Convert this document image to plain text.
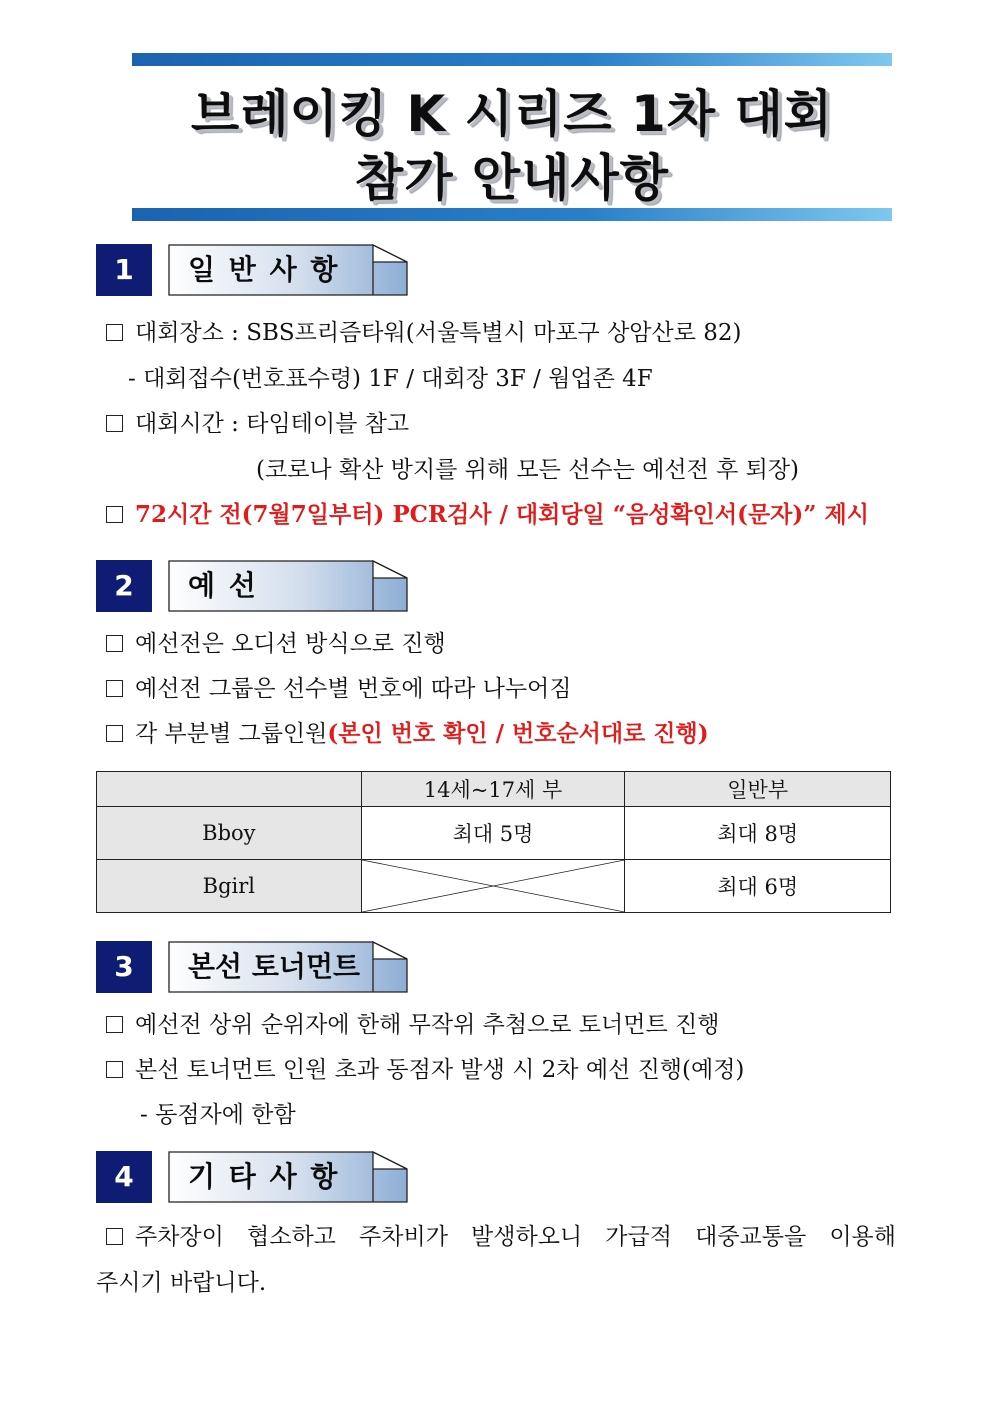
브레이킹 K 시리즈 1차 대회
참가 안내사항
1	일 반 사 항
대회장소 : SBS프리즘타워(서울특별시 마포구 상암산로 82)
- 대회접수(번호표수령) 1F / 대회장 3F / 웜업존 4F
대회시간 : 타임테이블 참고
(코로나 확산 방지를 위해 모든 선수는 예선전 후 퇴장)
72시간 전(7월7일부터) PCR검사 / 대회당일 “음성확인서(문자)” 제시
2	예 선
예선전은 오디션 방식으로 진행
예선전 그룹은 선수별 번호에 따라 나누어짐
각 부분별 그룹인원(본인 번호 확인 / 번호순서대로 진행)
	14세~17세 부	일반부
Bboy	최대 5명	최대 8명
Bgirl		최대 6명
3	본선 토너먼트
예선전 상위 순위자에 한해 무작위 추첨으로 토너먼트 진행
본선 토너먼트 인원 초과 동점자 발생 시 2차 예선 진행(예정)
- 동점자에 한함
4	기 타 사 항
주차장이 협소하고 주차비가 발생하오니 가급적 대중교통을 이용해
주시기 바랍니다.
